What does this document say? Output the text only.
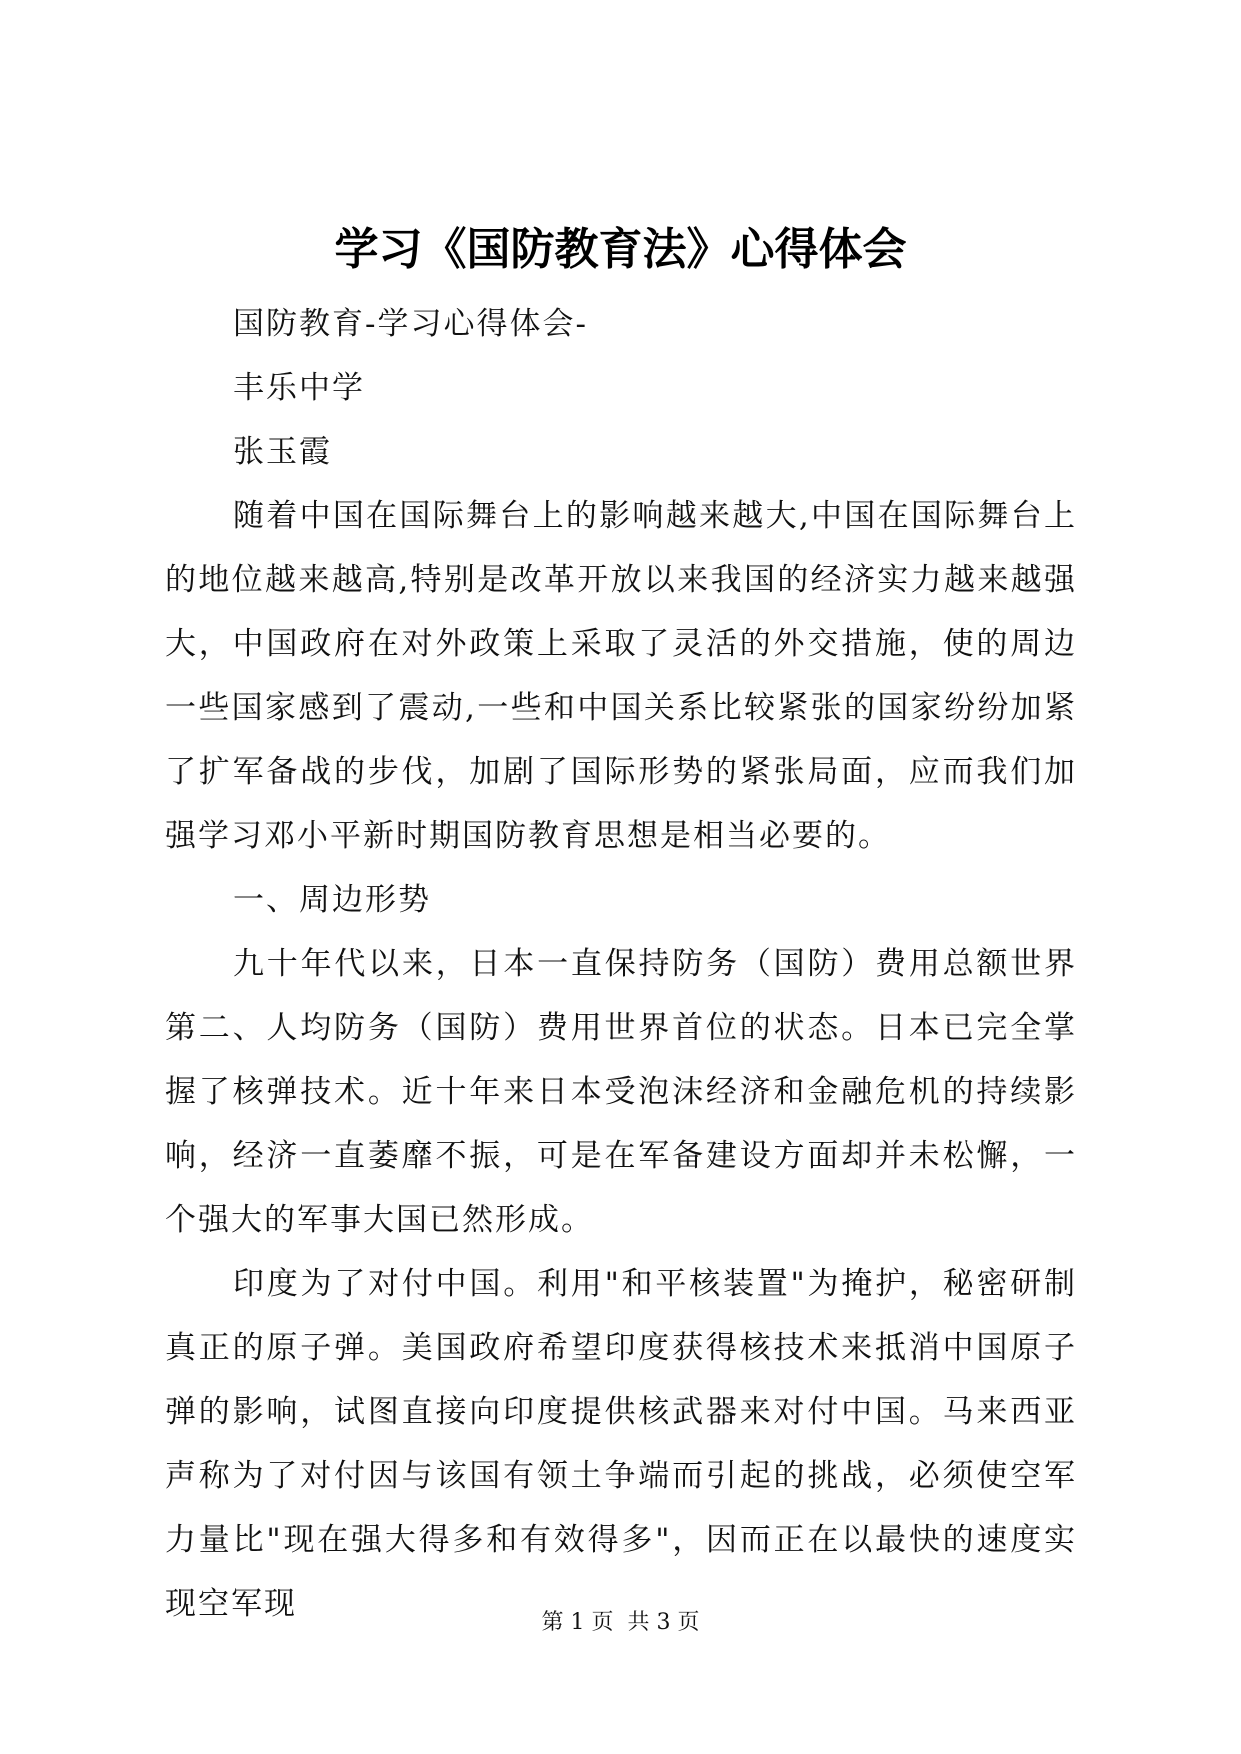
学习《国防教育法》心得体会

国防教育-学习心得体会-

丰乐中学

张玉霞

随着中国在国际舞台上的影响越来越大,中国在国际舞台上的地位越来越高,特别是改革开放以来我国的经济实力越来越强大，中国政府在对外政策上采取了灵活的外交措施，使的周边一些国家感到了震动,一些和中国关系比较紧张的国家纷纷加紧了扩军备战的步伐，加剧了国际形势的紧张局面，应而我们加强学习邓小平新时期国防教育思想是相当必要的。

一、周边形势

九十年代以来，日本一直保持防务（国防）费用总额世界第二、人均防务（国防）费用世界首位的状态。日本已完全掌握了核弹技术。近十年来日本受泡沫经济和金融危机的持续影响，经济一直萎靡不振，可是在军备建设方面却并未松懈，一个强大的军事大国已然形成。

印度为了对付中国。利用"和平核装置"为掩护，秘密研制真正的原子弹。美国政府希望印度获得核技术来抵消中国原子弹的影响，试图直接向印度提供核武器来对付中国。马来西亚声称为了对付因与该国有领土争端而引起的挑战，必须使空军力量比"现在强大得多和有效得多"，因而正在以最快的速度实现空军现

第 1 页 共 3 页
